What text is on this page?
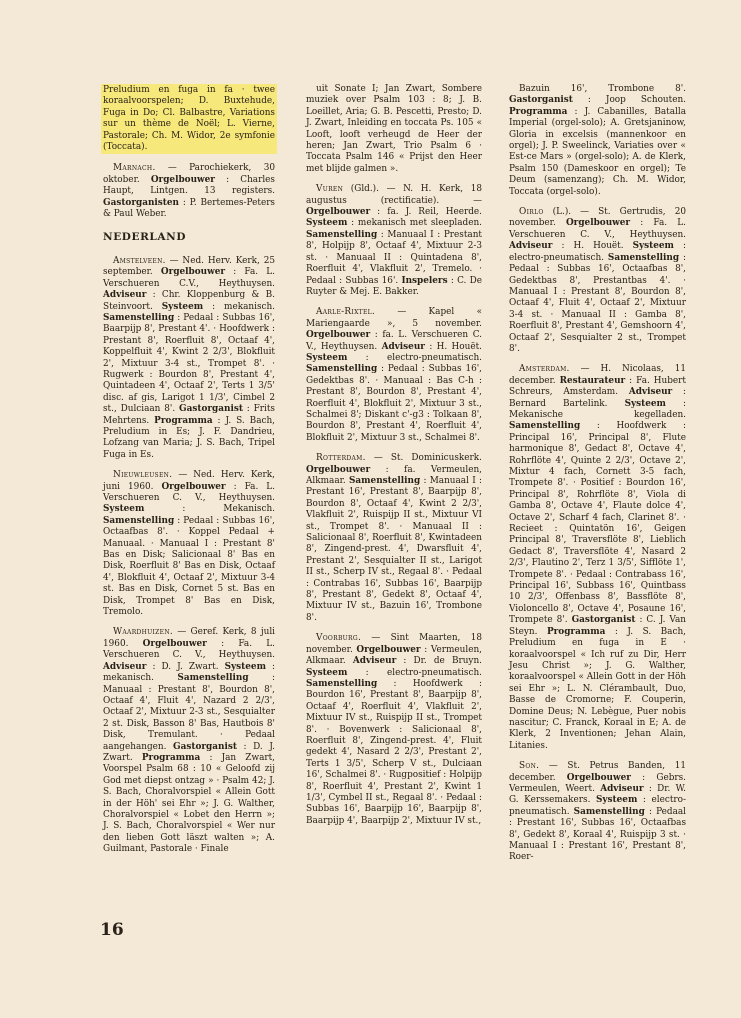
Preludium en fuga in fa · twee koraalvoorspelen; D. Buxtehude, Fuga in Do; Cl. Balbastre, Variations sur un thème de Noël; L. Vierne, Pastorale; Ch. M. Widor, 2e symfonie (Toccata).

Marnach. — Parochiekerk, 30 oktober. Orgelbouwer : Charles Haupt, Lintgen. 13 registers. Gastorganisten : P. Bertemes-Peters & Paul Weber.

NEDERLAND

Amstelveen. — Ned. Herv. Kerk, 25 september. Orgelbouwer : Fa. L. Verschueren C.V., Heythuysen. Adviseur : Chr. Kloppenburg & B. Steinvoort. Systeem : mekanisch. Samenstelling : Pedaal : Subbas 16', Baarpijp 8', Prestant 4'. · Hoofdwerk : Prestant 8', Roerfluit 8', Octaaf 4', Koppelfluit 4', Kwint 2 2/3', Blokfluit 2', Mixtuur 3-4 st., Trompet 8'. · Rugwerk : Bourdon 8', Prestant 4', Quintadeen 4', Octaaf 2', Terts 1 3/5' disc. af gis, Larigot 1 1/3', Cimbel 2 st., Dulciaan 8'. Gastorganist : Frits Mehrtens. Programma : J. S. Bach, Preludium in Es; J. F. Dandrieu, Lofzang van Maria; J. S. Bach, Tripel Fuga in Es.

Nieuwleusen. — Ned. Herv. Kerk, juni 1960. Orgelbouwer : Fa. L. Verschueren C. V., Heythuysen. Systeem : Mekanisch. Samenstelling : Pedaal : Subbas 16', Octaafbas 8'. · Koppel Pedaal + Manuaal. · Manuaal I : Prestant 8' Bas en Disk; Salicionaal 8' Bas en Disk, Roerfluit 8' Bas en Disk, Octaaf 4', Blokfluit 4', Octaaf 2', Mixtuur 3-4 st. Bas en Disk, Cornet 5 st. Bas en Disk, Trompet 8' Bas en Disk, Tremolo.

Waardhuizen. — Geref. Kerk, 8 juli 1960. Orgelbouwer : Fa. L. Verschueren C. V., Heythuysen. Adviseur : D. J. Zwart. Systeem : mekanisch. Samenstelling : Manuaal : Prestant 8', Bourdon 8', Octaaf 4', Fluit 4', Nazard 2 2/3', Octaaf 2', Mixtuur 2-3 st., Sesquialter 2 st. Disk, Basson 8' Bas, Hautbois 8' Disk, Tremulant. · Pedaal aangehangen. Gastorganist : D. J. Zwart. Programma : Jan Zwart, Voorspel Psalm 68 : 10 « Geloofd zij God met diepst ontzag » · Psalm 42; J. S. Bach, Choralvorspiel « Allein Gott in der Höh' sei Ehr »; J. G. Walther, Choralvorspiel « Lobet den Herrn »; J. S. Bach, Choralvorspiel « Wer nur den lieben Gott läszt walten »; A. Guilmant, Pastorale · Finale

uit Sonate I; Jan Zwart, Sombere muziek over Psalm 103 : 8; J. B. Loeillet, Aria; G. B. Pescetti, Presto; D. J. Zwart, Inleiding en toccata Ps. 105 « Looft, looft verheugd de Heer der heren; Jan Zwart, Trio Psalm 6 · Toccata Psalm 146 « Prijst den Heer met blijde galmen ».

Vuren (Gld.). — N. H. Kerk, 18 augustus (rectificatie). — Orgelbouwer : fa. J. Reil, Heerde. Systeem : mekanisch met sleepladen. Samenstelling : Manuaal I : Prestant 8', Holpijp 8', Octaaf 4', Mixtuur 2-3 st. · Manuaal II : Quintadena 8', Roerfluit 4', Vlakfluit 2', Tremelo. · Pedaal : Subbas 16'. Inspelers : C. De Ruyter & Mej. E. Bakker.

Aarle-Rixtel. — Kapel « Mariengaarde », 5 november. Orgelbouwer : fa. L. Verschueren C. V., Heythuysen. Adviseur : H. Houët. Systeem : electro-pneumatisch. Samenstelling : Pedaal : Subbas 16', Gedektbas 8'. · Manuaal : Bas C-h : Prestant 8', Bourdon 8', Prestant 4', Roerfluit 4', Blokfluit 2', Mixtuur 3 st., Schalmei 8'; Diskant c'-g3 : Tolkaan 8', Bourdon 8', Prestant 4', Roerfluit 4', Blokfluit 2', Mixtuur 3 st., Schalmei 8'.

Rotterdam. — St. Dominicuskerk. Orgelbouwer : fa. Vermeulen, Alkmaar. Samenstelling : Manuaal I : Prestant 16', Prestant 8', Baarpijp 8', Bourdon 8', Octaaf 4', Kwint 2 2/3', Vlakfluit 2', Ruispijp II st., Mixtuur VI st., Trompet 8'. · Manuaal II : Salicionaal 8', Roerfluit 8', Kwintadeen 8', Zingend-prest. 4', Dwarsfluit 4', Prestant 2', Sesquialter II st., Larigot II st., Scherp IV st., Regaal 8'. · Pedaal : Contrabas 16', Subbas 16', Baarpijp 8', Prestant 8', Gedekt 8', Octaaf 4', Mixtuur IV st., Bazuin 16', Trombone 8'.

Voorburg. — Sint Maarten, 18 november. Orgelbouwer : Vermeulen, Alkmaar. Adviseur : Dr. de Bruyn. Systeem : electro-pneumatisch. Samenstelling : Hoofdwerk : Bourdon 16', Prestant 8', Baarpijp 8', Octaaf 4', Roerfluit 4', Vlakfluit 2', Mixtuur IV st., Ruispijp II st., Trompet 8'. · Bovenwerk : Salicionaal 8', Roerfluit 8', Zingend-prest. 4', Fluit gedekt 4', Nasard 2 2/3', Prestant 2', Terts 1 3/5', Scherp V st., Dulciaan 16', Schalmei 8'. · Rugpositief : Holpijp 8', Roerfluit 4', Prestant 2', Kwint 1 1/3', Cymbel II st., Regaal 8'. · Pedaal : Subbas 16', Baarpijp 16', Baarpijp 8', Baarpijp 4', Baarpijp 2', Mixtuur IV st.,

Bazuin 16', Trombone 8'. Gastorganist : Joop Schouten. Programma : J. Cabanilles, Batalla Imperial (orgel-solo); A. Gretsjaninow, Gloria in excelsis (mannenkoor en orgel); J. P. Sweelinck, Variaties over « Est-ce Mars » (orgel-solo); A. de Klerk, Psalm 150 (Dameskoor en orgel); Te Deum (samenzang); Ch. M. Widor, Toccata (orgel-solo).

Oirlo (L.). — St. Gertrudis, 20 november. Orgelbouwer : Fa. L. Verschueren C. V., Heythuysen. Adviseur : H. Houët. Systeem : electro-pneumatisch. Samenstelling : Pedaal : Subbas 16', Octaafbas 8', Gedektbas 8', Prestantbas 4'. · Manuaal I : Prestant 8', Bourdon 8', Octaaf 4', Fluit 4', Octaaf 2', Mixtuur 3-4 st. · Manuaal II : Gamba 8', Roerfluit 8', Prestant 4', Gemshoorn 4', Octaaf 2', Sesquialter 2 st., Trompet 8'.

Amsterdam. — H. Nicolaas, 11 december. Restaurateur : Fa. Hubert Schreurs, Amsterdam. Adviseur : Bernard Bartelink. Systeem : Mekanische kegelladen. Samenstelling : Hoofdwerk : Principal 16', Principal 8', Flute harmonique 8', Gedact 8', Octave 4', Rohrflöte 4', Quinte 2 2/3', Octave 2', Mixtur 4 fach, Cornett 3-5 fach, Trompete 8'. · Positief : Bourdon 16', Principal 8', Rohrflöte 8', Viola di Gamba 8', Octave 4', Flaute dolce 4', Octave 2', Scharf 4 fach, Clarinet 8'. · Recieet : Quintatön 16', Geigen Principal 8', Traversflöte 8', Lieblich Gedact 8', Traversflöte 4', Nasard 2 2/3', Flautino 2', Terz 1 3/5', Sifflöte 1', Trompete 8'. · Pedaal : Contrabass 16', Principal 16', Subbass 16', Quintbass 10 2/3', Offenbass 8', Bassflöte 8', Violoncello 8', Octave 4', Posaune 16', Trompete 8'. Gastorganist : C. J. Van Steyn. Programma : J. S. Bach, Preludium en fuga in E · koraalvoorspel « Ich ruf zu Dir, Herr Jesu Christ »; J. G. Walther, koraalvoorspel « Allein Gott in der Höh sei Ehr »; L. N. Clérambault, Duo, Basse de Cromorne; F. Couperin, Domine Deus; N. Lebègue, Puer nobis nascitur; C. Franck, Koraal in E; A. de Klerk, 2 Inventionen; Jehan Alain, Litanies.

Son. — St. Petrus Banden, 11 december. Orgelbouwer : Gebrs. Vermeulen, Weert. Adviseur : Dr. W. G. Kerssemakers. Systeem : electro-pneumatisch. Samenstelling : Pedaal : Prestant 16', Subbas 16', Octaafbas 8', Gedekt 8', Koraal 4', Ruispijp 3 st. · Manuaal I : Prestant 16', Prestant 8', Roer-

16
